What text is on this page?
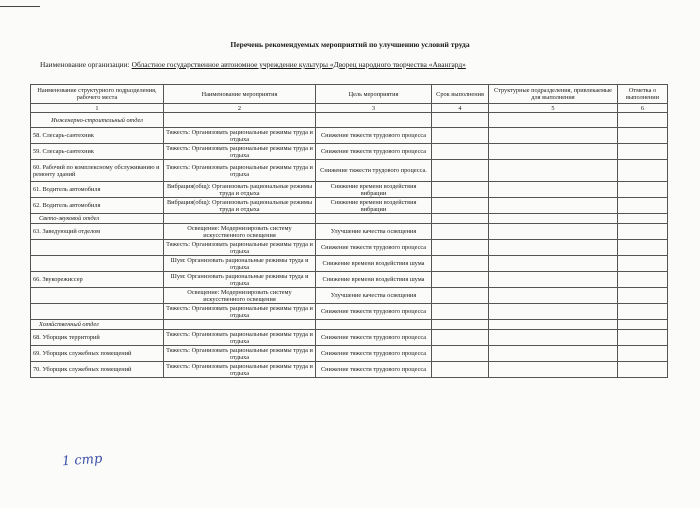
Перечень рекомендуемых мероприятий по улучшению условий труда
Наименование организации: Областное государственное автономное учреждение культуры «Дворец народного творчества «Авангард»
Наименование структурного подразделения, рабочего места	Наименование мероприятия	Цель мероприятия	Срок выполнения	Структурные подразделения, привлекаемые для выполнения	Отметка о выполнении
1	2	3	4	5	6
Инженерно-строительный отдел					
58. Слесарь-сантехник	Тяжесть: Организовать рациональные режимы труда и отдыха	Снижение тяжести трудового процесса			
59. Слесарь-сантехник	Тяжесть: Организовать рациональные режимы труда и отдыха	Снижение тяжести трудового процесса			
60. Рабочий по комплексному обслуживанию и ремонту зданий	Тяжесть: Организовать рациональные режимы труда и отдыха	Снижение тяжести трудового процесса.			
61. Водитель автомобиля	Вибрация(общ): Организовать рациональные режимы труда и отдыха	Снижение времени воздействия вибрации			
62. Водитель автомобиля	Вибрация(общ): Организовать рациональные режимы труда и отдыха	Снижение времени воздействия вибрации			
Свето-звуковой отдел					
63. Заведующий отделом	Освещение: Модернизировать систему искусственного освещения	Улучшение качества освещения			
	Тяжесть: Организовать рациональные режимы труда и отдыха	Снижение тяжести трудового процесса			
	Шум: Организовать рациональные режимы труда и отдыха	Снижение времени воздействия шума			
66. Звукорежиссер	Шум: Организовать рациональные режимы труда и отдыха	Снижение времени воздействия шума			
	Освещение: Модернизировать систему искусственного освещения	Улучшение качества освещения			
	Тяжесть: Организовать рациональные режимы труда и отдыха	Снижение тяжести трудового процесса			
Хозяйственный отдел					
68. Уборщик территорий	Тяжесть: Организовать рациональные режимы труда и отдыха	Снижение тяжести трудового процесса			
69. Уборщик служебных помещений	Тяжесть: Организовать рациональные режимы труда и отдыха	Снижение тяжести трудового процесса			
70. Уборщик служебных помещений	Тяжесть: Организовать рациональные режимы труда и отдыха	Снижение тяжести трудового процесса			
1 стр
